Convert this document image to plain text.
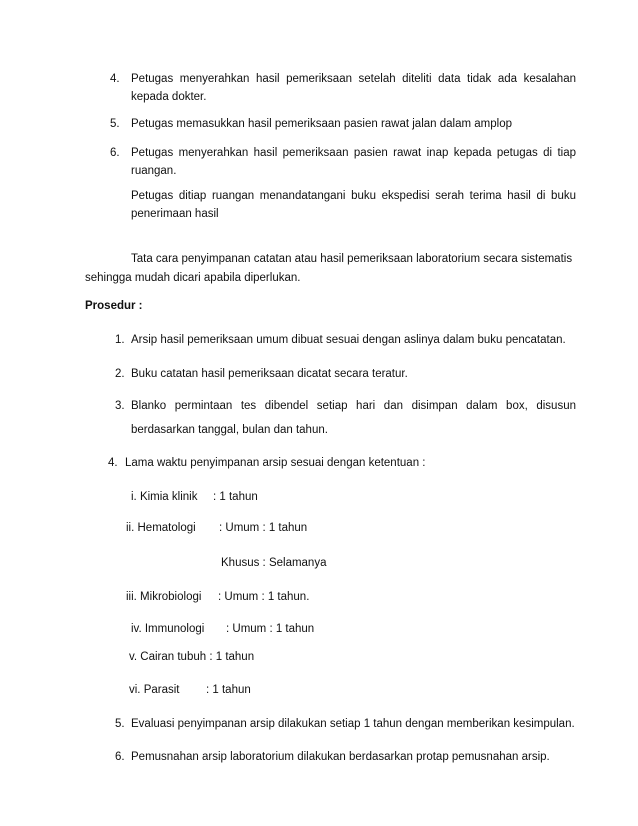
4. Petugas menyerahkan hasil pemeriksaan setelah diteliti data tidak ada kesalahan
kepada dokter.
5. Petugas memasukkan hasil pemeriksaan pasien rawat jalan dalam amplop
6. Petugas menyerahkan hasil pemeriksaan pasien rawat inap kepada petugas di tiap
ruangan.
Petugas ditiap ruangan menandatangani buku ekspedisi serah terima hasil di buku
penerimaan hasil
Tata cara penyimpanan catatan atau hasil pemeriksaan laboratorium secara sistematis
sehingga mudah dicari apabila diperlukan.
Prosedur :
1. Arsip hasil pemeriksaan umum dibuat sesuai dengan aslinya dalam buku pencatatan.
2. Buku catatan hasil pemeriksaan dicatat secara teratur.
3. Blanko permintaan tes dibendel setiap hari dan disimpan dalam box, disusun
berdasarkan tanggal, bulan dan tahun.
4. Lama waktu penyimpanan arsip sesuai dengan ketentuan :
i. Kimia klinik : 1 tahun
ii. Hematologi : Umum : 1 tahun
Khusus : Selamanya
iii. Mikrobiologi : Umum : 1 tahun.
iv. Immunologi : Umum : 1 tahun
v. Cairan tubuh : 1 tahun
vi. Parasit : 1 tahun
5. Evaluasi penyimpanan arsip dilakukan setiap 1 tahun dengan memberikan kesimpulan.
6. Pemusnahan arsip laboratorium dilakukan berdasarkan protap pemusnahan arsip.
